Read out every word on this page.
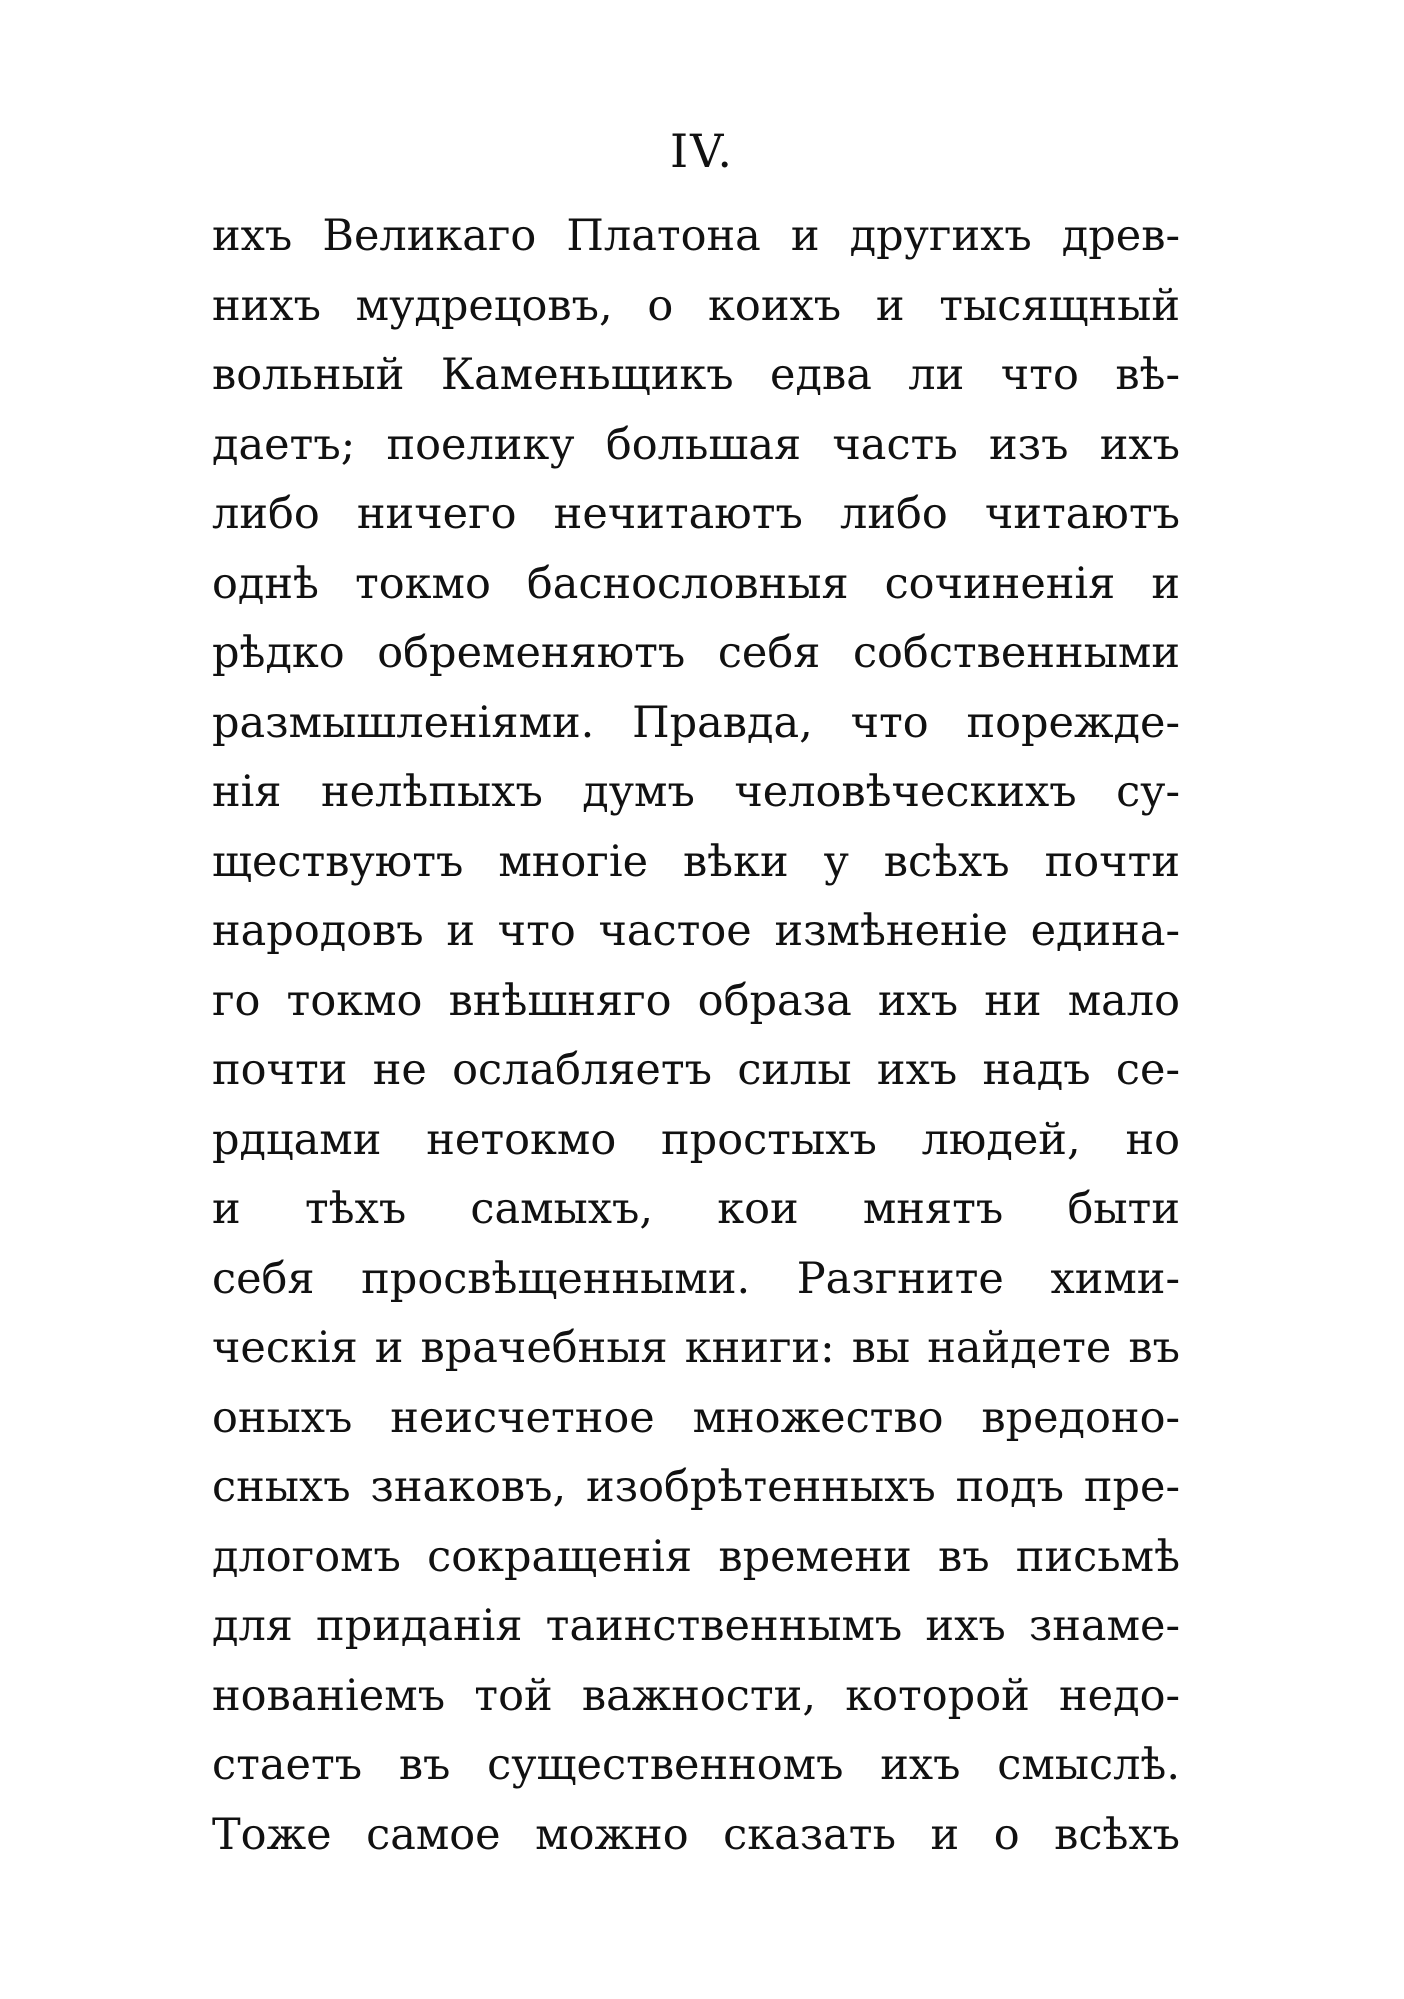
IV.
ихъ Великаго Платона и другихъ древ-
нихъ мудрецовъ, о коихъ и тысящный
вольный Каменьщикъ едва ли что вѣ-
даетъ; поелику большая часть изъ ихъ
либо ничего нечитаютъ либо читаютъ
однѣ токмо баснословныя сочиненія и
рѣдко обременяютъ себя собственными
размышленіями. Правда, что пореждe-
нія нелѣпыхъ думъ человѣческихъ су-
ществуютъ многіе вѣки у всѣхъ почти
народовъ и что частое измѣненіе едина-
го токмо внѣшняго образа ихъ ни мало
почти не ослабляетъ силы ихъ надъ се-
рдцами нетокмо простыхъ людей, но
и тѣхъ самыхъ, кои мнятъ быти
себя просвѣщенными. Разгните хими-
ческія и врачебныя книги: вы найдете въ
оныхъ неисчетное множество вредоно-
сныхъ знаковъ, изобрѣтенныхъ подъ пре-
длогомъ сокращенія времени въ письмѣ
для приданія таинственнымъ ихъ знаме-
нованіемъ той важности, которой недо-
стаетъ въ существенномъ ихъ смыслѣ.
Тоже самое можно сказать и о всѣхъ
